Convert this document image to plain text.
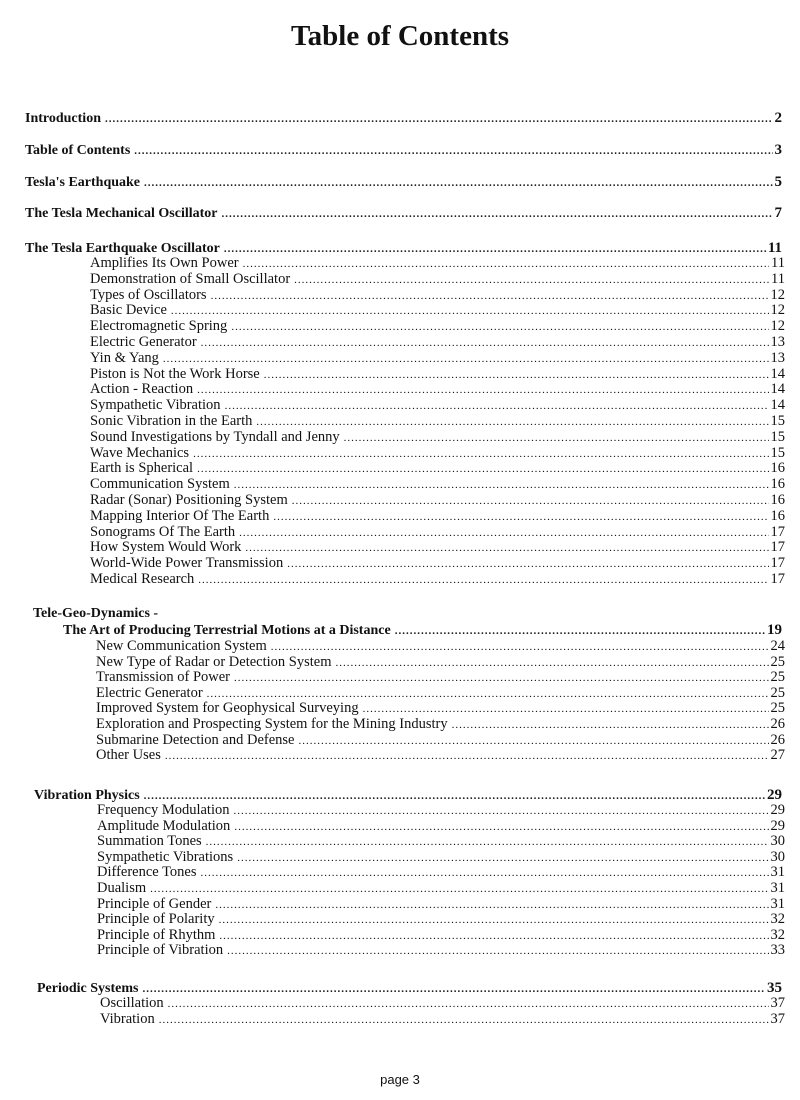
Table of Contents
Introduction .....	2
Table of Contents .....	3
Tesla's Earthquake .....	5
The Tesla Mechanical Oscillator .....	7
The Tesla Earthquake Oscillator .....	11
Amplifies Its Own Power .....	11
Demonstration of Small Oscillator .....	11
Types of Oscillators .....	12
Basic Device .....	12
Electromagnetic Spring .....	12
Electric Generator .....	13
Yin & Yang .....	13
Piston is Not the Work Horse .....	14
Action - Reaction .....	14
Sympathetic Vibration .....	14
Sonic Vibration in the Earth .....	15
Sound Investigations by Tyndall and Jenny .....	15
Wave Mechanics .....	15
Earth is Spherical .....	16
Communication System .....	16
Radar (Sonar) Positioning System .....	16
Mapping Interior Of The Earth .....	16
Sonograms Of The Earth .....	17
How System Would Work .....	17
World-Wide Power Transmission .....	17
Medical Research .....	17
Tele-Geo-Dynamics -
The Art of Producing Terrestrial Motions at a Distance .....	19
New Communication System .....	24
New Type of Radar or Detection System .....	25
Transmission of Power .....	25
Electric Generator .....	25
Improved System for Geophysical Surveying .....	25
Exploration and Prospecting System for the Mining Industry .....	26
Submarine Detection and Defense .....	26
Other Uses .....	27
Vibration Physics .....	29
Frequency Modulation .....	29
Amplitude Modulation .....	29
Summation Tones .....	30
Sympathetic Vibrations .....	30
Difference Tones .....	31
Dualism .....	31
Principle of Gender .....	31
Principle of Polarity .....	32
Principle of Rhythm .....	32
Principle of Vibration .....	33
Periodic Systems .....	35
Oscillation .....	37
Vibration .....	37
page 3
